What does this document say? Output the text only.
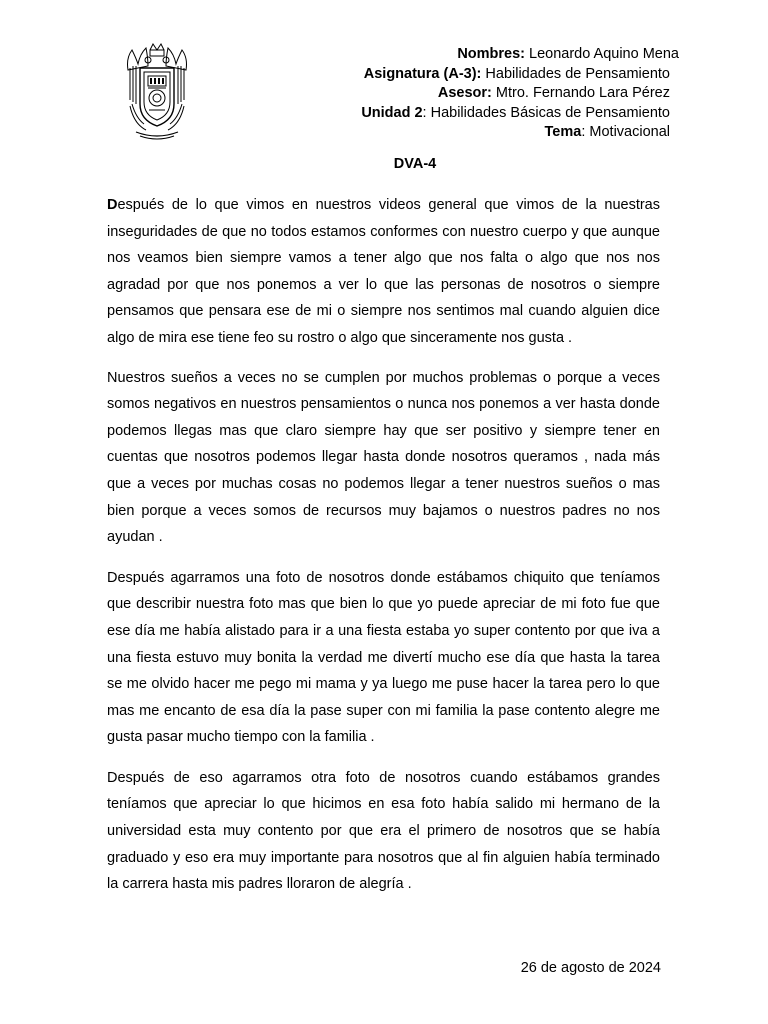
Nombres: Leonardo Aquino Mena
Asignatura (A-3): Habilidades de Pensamiento
Asesor: Mtro. Fernando Lara Pérez
Unidad 2: Habilidades Básicas de Pensamiento
Tema: Motivacional
DVA-4

Después de lo que vimos en nuestros videos general que vimos de la nuestras inseguridades de que no todos estamos conformes con nuestro cuerpo y que aunque nos veamos bien siempre vamos a tener algo que nos falta o algo que nos nos agradad por que nos ponemos a ver lo que las personas de nosotros o siempre pensamos que pensara ese de mi o siempre nos sentimos mal cuando alguien dice algo de mira ese tiene feo su rostro o algo que sinceramente nos gusta .

Nuestros sueños a veces no se cumplen por muchos problemas o porque a veces somos negativos en nuestros pensamientos o nunca nos ponemos a ver hasta donde podemos llegas mas que claro siempre hay que ser positivo y siempre tener en cuentas que nosotros podemos llegar hasta donde nosotros queramos , nada más que a veces por muchas cosas no podemos llegar a tener nuestros sueños o mas bien porque a veces somos de recursos muy bajamos o nuestros padres no nos ayudan .

Después agarramos una foto de nosotros donde estábamos chiquito que teníamos que describir nuestra foto mas que bien lo que yo puede apreciar de mi foto fue que ese día me había alistado para ir a una fiesta estaba yo super contento por que iva a una fiesta estuvo muy bonita la verdad me divertí mucho ese día que hasta la tarea se me olvido hacer me pego mi mama y ya luego me puse hacer la tarea pero lo que mas me encanto de esa día la pase super con mi familia la pase contento alegre me gusta pasar mucho tiempo con la familia .

Después de eso agarramos otra foto de nosotros cuando estábamos grandes teníamos que apreciar lo que hicimos en esa foto había salido mi hermano de la universidad esta muy contento por que era el primero de nosotros que se había graduado y eso era muy importante para nosotros que al fin alguien había terminado la carrera hasta mis padres lloraron de alegría .

26 de agosto de 2024
